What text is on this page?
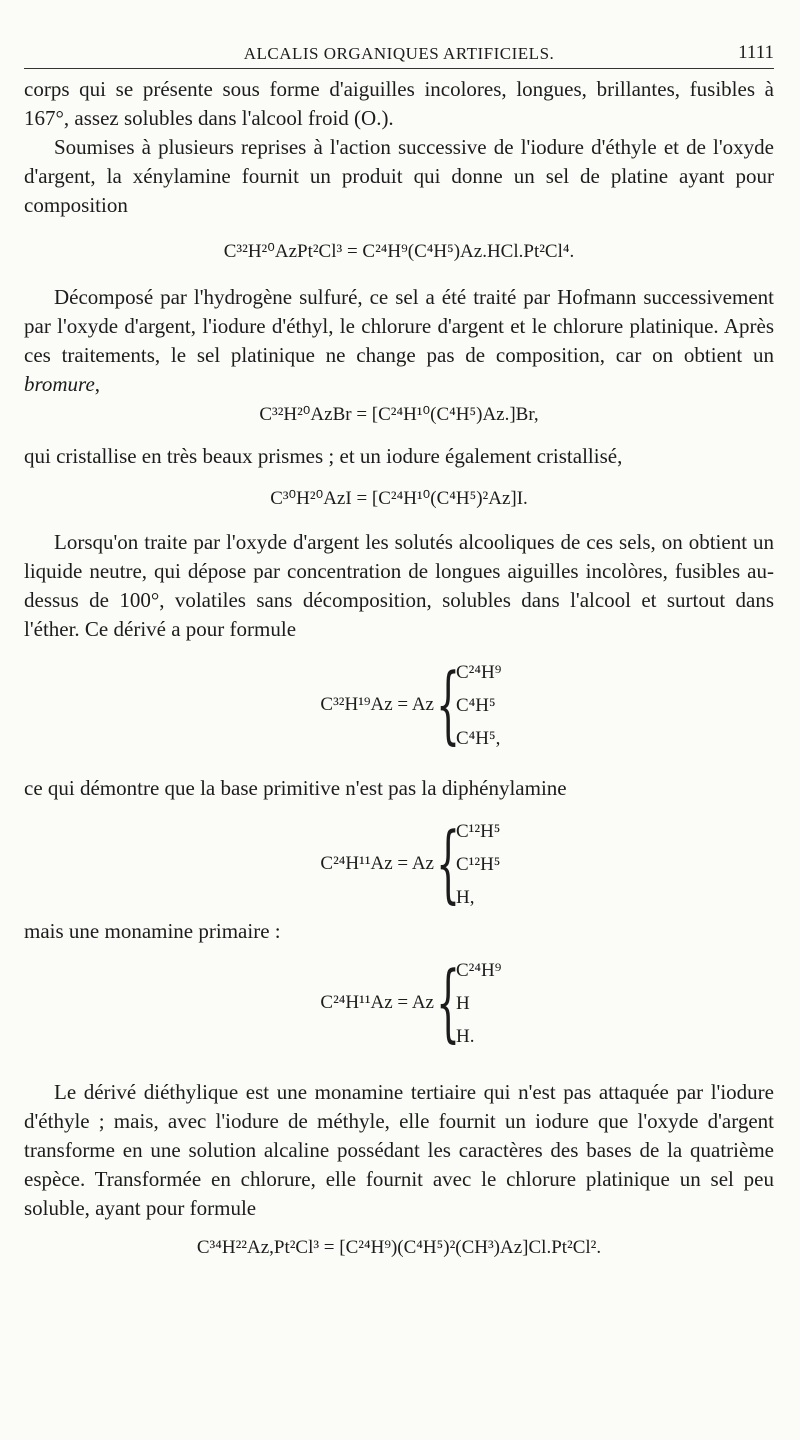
ALCALIS ORGANIQUES ARTIFICIELS.	1111

corps qui se présente sous forme d'aiguilles incolores, longues, brillantes, fusibles à 167°, assez solubles dans l'alcool froid (O.).

Soumises à plusieurs reprises à l'action successive de l'iodure d'éthyle et de l'oxyde d'argent, la xénylamine fournit un produit qui donne un sel de platine ayant pour composition

C³²H²⁰AzPt²Cl³ = C²⁴H⁹(C⁴H⁵)Az.HCl.Pt²Cl⁴.

Décomposé par l'hydrogène sulfuré, ce sel a été traité par Hofmann successivement par l'oxyde d'argent, l'iodure d'éthyl, le chlorure d'argent et le chlorure platinique. Après ces traitements, le sel platinique ne change pas de composition, car on obtient un bromure,

C³²H²⁰AzBr = [C²⁴H¹⁰(C⁴H⁵)Az.]Br,

qui cristallise en très beaux prismes ; et un iodure également cristallisé,

C³⁰H²⁰AzI = [C²⁴H¹⁰(C⁴H⁵)²Az]I.

Lorsqu'on traite par l'oxyde d'argent les solutés alcooliques de ces sels, on obtient un liquide neutre, qui dépose par concentration de longues aiguilles incolòres, fusibles au-dessus de 100°, volatiles sans décomposition, solubles dans l'alcool et surtout dans l'éther. Ce dérivé a pour formule

C³²H¹⁹Az = Az {
C²⁴H⁹
C⁴H⁵
C⁴H⁵,

ce qui démontre que la base primitive n'est pas la diphénylamine

C²⁴H¹¹Az = Az {
C¹²H⁵
C¹²H⁵
H,

mais une monamine primaire :

C²⁴H¹¹Az = Az {
C²⁴H⁹
H
H.

Le dérivé diéthylique est une monamine tertiaire qui n'est pas attaquée par l'iodure d'éthyle ; mais, avec l'iodure de méthyle, elle fournit un iodure que l'oxyde d'argent transforme en une solution alcaline possédant les caractères des bases de la quatrième espèce. Transformée en chlorure, elle fournit avec le chlorure platinique un sel peu soluble, ayant pour formule

C³⁴H²²Az,Pt²Cl³ = [C²⁴H⁹)(C⁴H⁵)²(CH³)Az]Cl.Pt²Cl².
